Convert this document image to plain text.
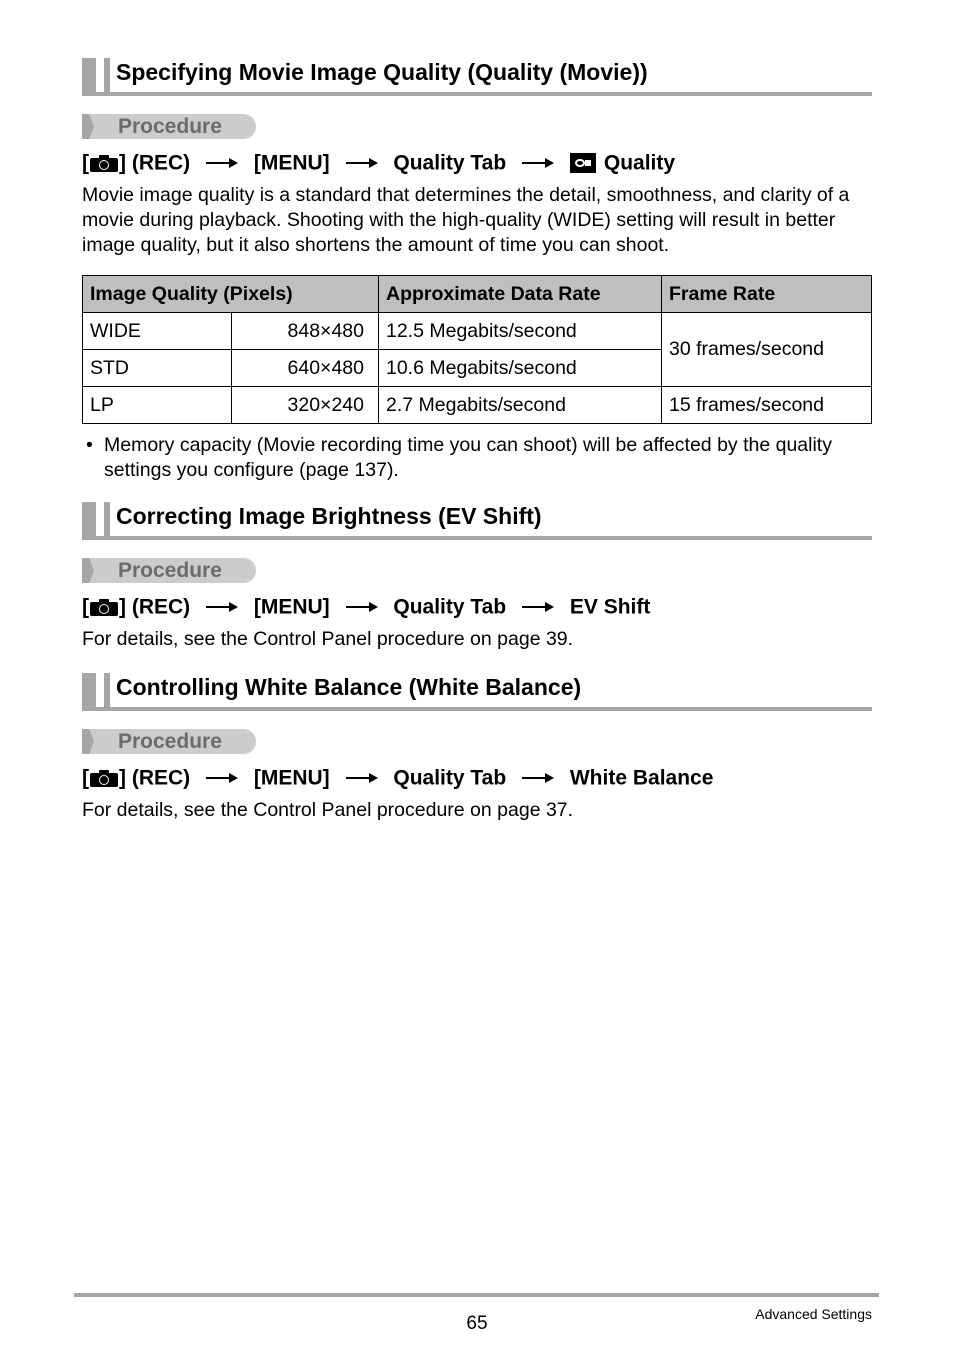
Specifying Movie Image Quality (Quality (Movie))
Procedure
[ ] (REC)	[MENU]	Quality Tab	Quality
Movie image quality is a standard that determines the detail, smoothness, and clarity of a movie during playback. Shooting with the high-quality (WIDE) setting will result in better image quality, but it also shortens the amount of time you can shoot.
Image Quality (Pixels)		Approximate Data Rate	Frame Rate
WIDE	848×480	12.5 Megabits/second	30 frames/second
STD	640×480	10.6 Megabits/second	
LP	320×240	2.7 Megabits/second	15 frames/second
• Memory capacity (Movie recording time you can shoot) will be affected by the quality settings you configure (page 137).
Correcting Image Brightness (EV Shift)
Procedure
[ ] (REC)	[MENU]	Quality Tab	EV Shift
For details, see the Control Panel procedure on page 39.
Controlling White Balance (White Balance)
Procedure
[ ] (REC)	[MENU]	Quality Tab	White Balance
For details, see the Control Panel procedure on page 37.
65	Advanced Settings
